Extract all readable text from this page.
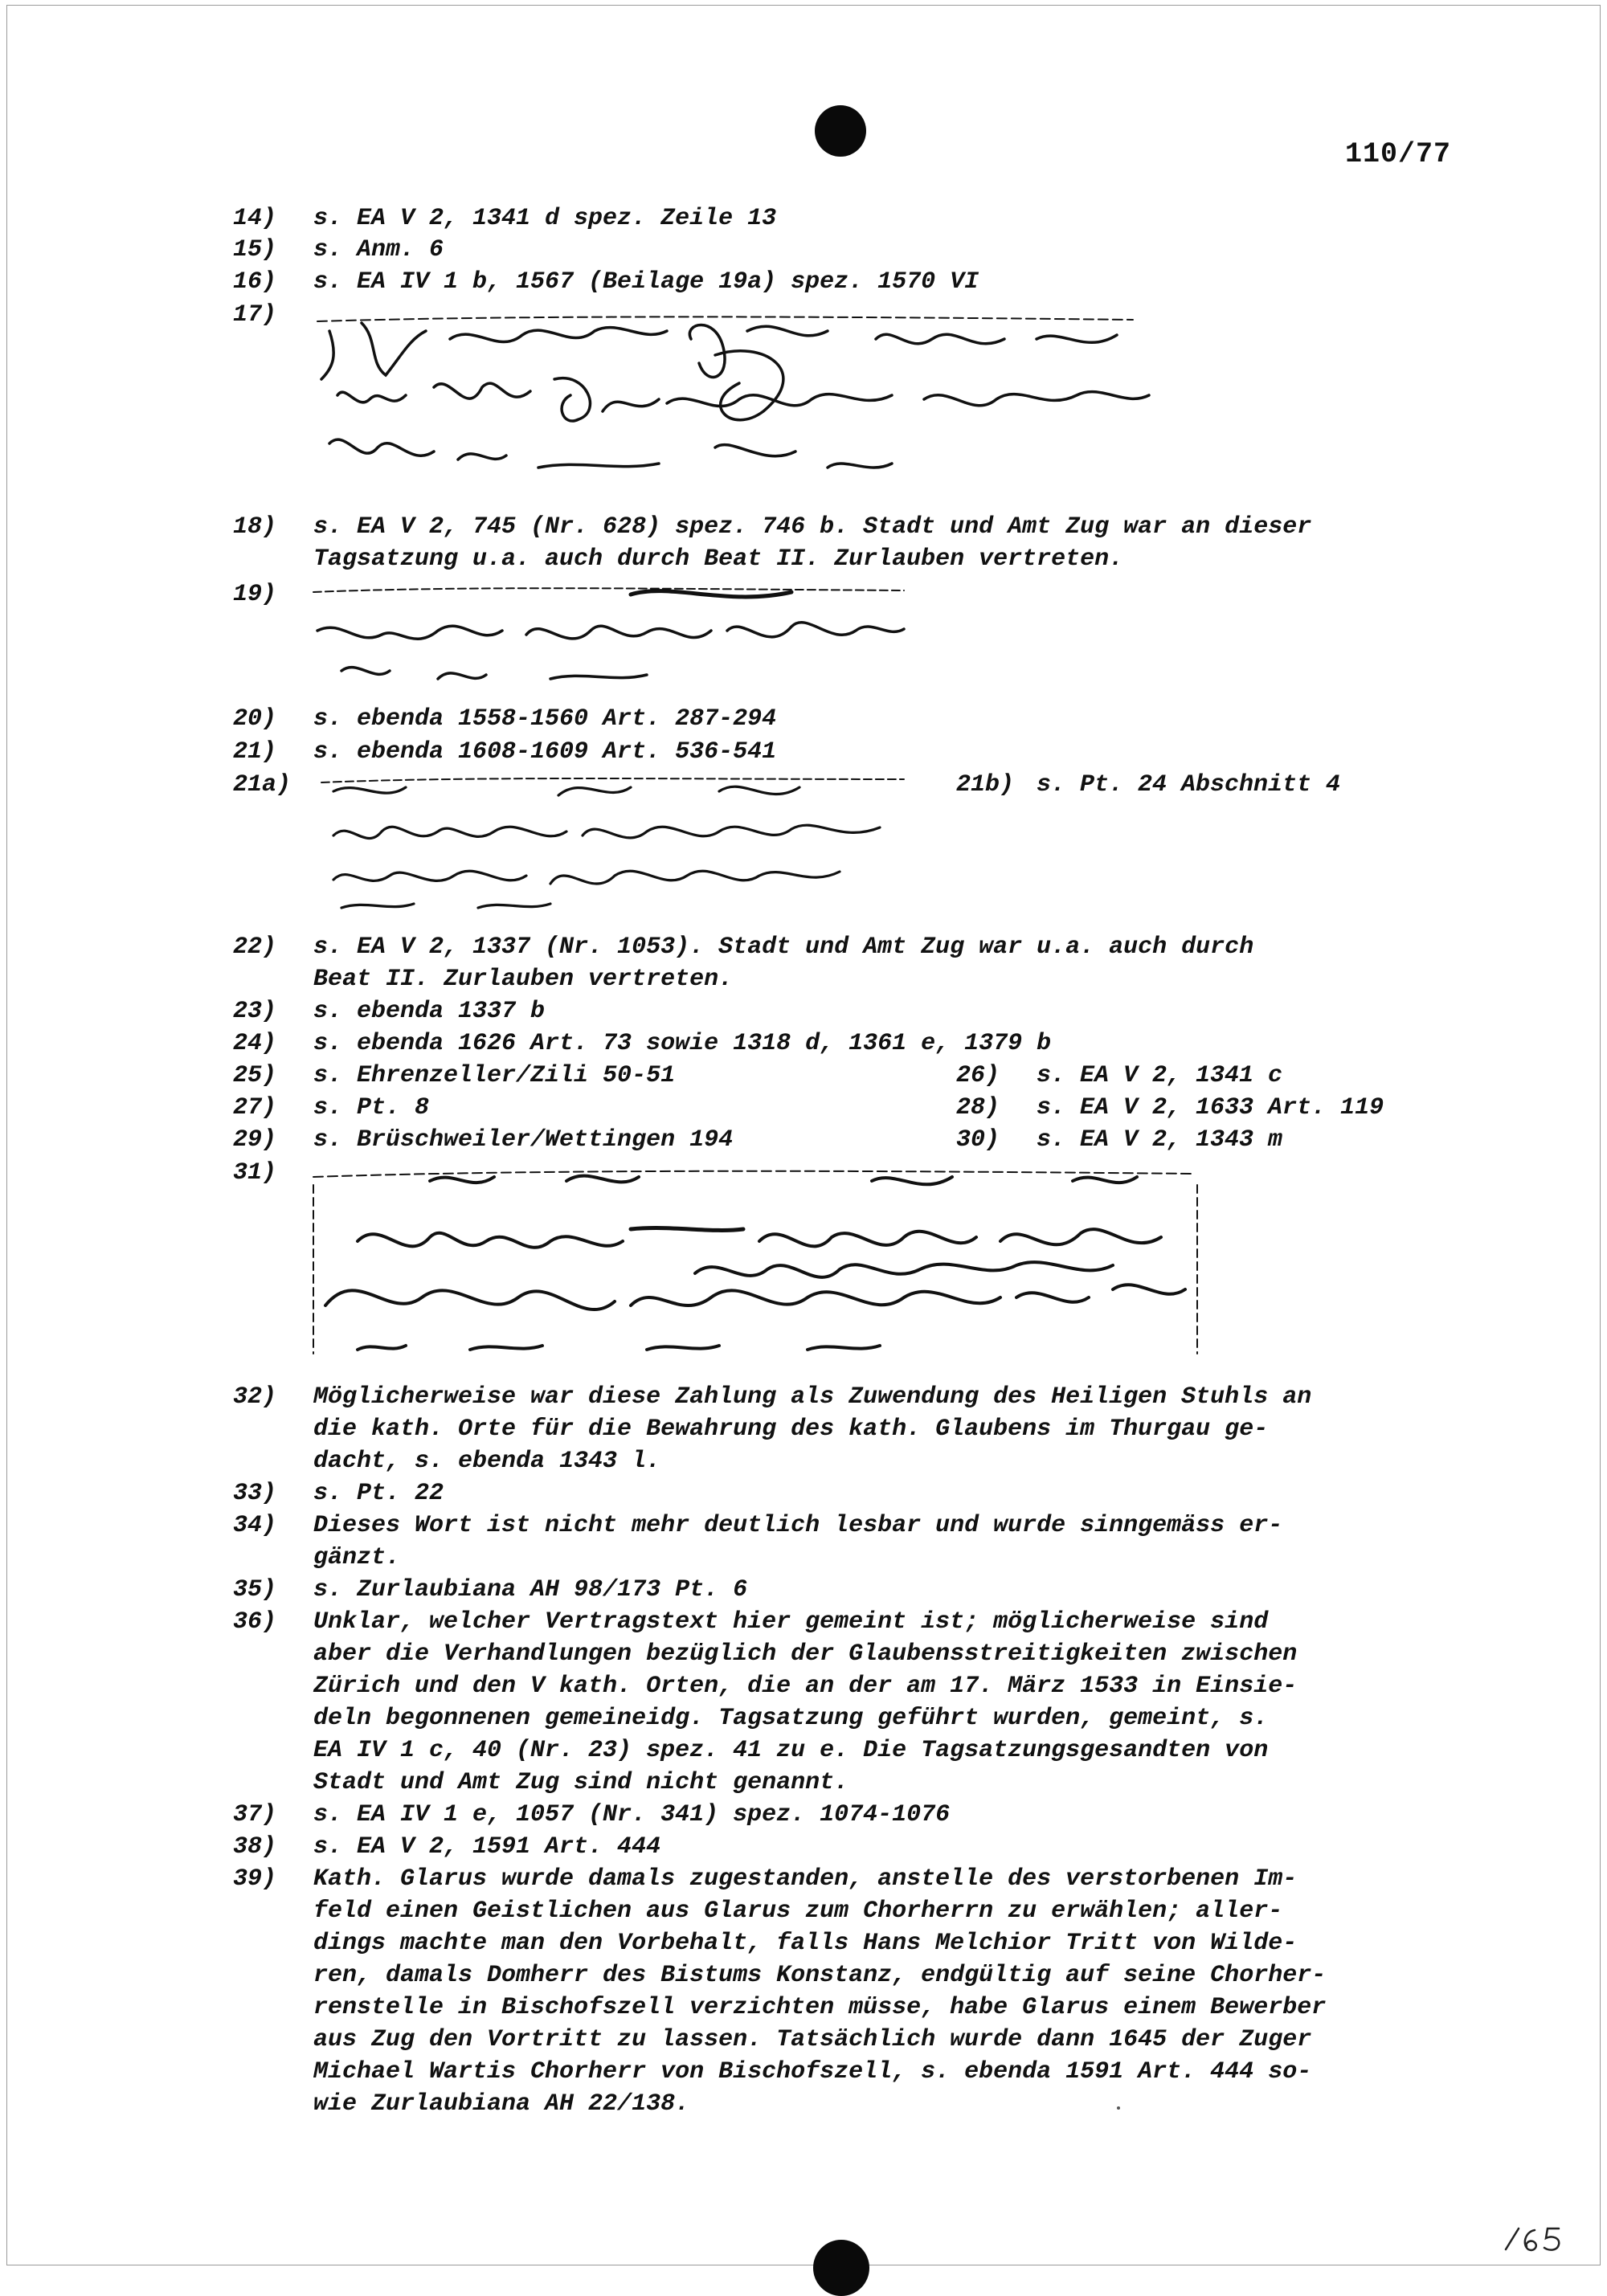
110/77
14) s. EA V 2, 1341 d spez. Zeile 13
15) s. Anm. 6
16) s. EA IV 1 b, 1567 (Beilage 19a) spez. 1570 VI
17)
18) s. EA V 2, 745 (Nr. 628) spez. 746 b. Stadt und Amt Zug war an dieser
Tagsatzung u.a. auch durch Beat II. Zurlauben vertreten.
19)
20) s. ebenda 1558-1560 Art. 287-294
21) s. ebenda 1608-1609 Art. 536-541
21a)	21b) s. Pt. 24 Abschnitt 4
22) s. EA V 2, 1337 (Nr. 1053). Stadt und Amt Zug war u.a. auch durch
Beat II. Zurlauben vertreten.
23) s. ebenda 1337 b
24) s. ebenda 1626 Art. 73 sowie 1318 d, 1361 e, 1379 b
25) s. Ehrenzeller/Zili 50-51	26) s. EA V 2, 1341 c
27) s. Pt. 8	28) s. EA V 2, 1633 Art. 119
29) s. Brüschweiler/Wettingen 194	30) s. EA V 2, 1343 m
31)
32) Möglicherweise war diese Zahlung als Zuwendung des Heiligen Stuhls an
die kath. Orte für die Bewahrung des kath. Glaubens im Thurgau ge-
dacht, s. ebenda 1343 l.
33) s. Pt. 22
34) Dieses Wort ist nicht mehr deutlich lesbar und wurde sinngemäss er-
gänzt.
35) s. Zurlaubiana AH 98/173 Pt. 6
36) Unklar, welcher Vertragstext hier gemeint ist; möglicherweise sind
aber die Verhandlungen bezüglich der Glaubensstreitigkeiten zwischen
Zürich und den V kath. Orten, die an der am 17. März 1533 in Einsie-
deln begonnenen gemeineidg. Tagsatzung geführt wurden, gemeint, s.
EA IV 1 c, 40 (Nr. 23) spez. 41 zu e. Die Tagsatzungsgesandten von
Stadt und Amt Zug sind nicht genannt.
37) s. EA IV 1 e, 1057 (Nr. 341) spez. 1074-1076
38) s. EA V 2, 1591 Art. 444
39) Kath. Glarus wurde damals zugestanden, anstelle des verstorbenen Im-
feld einen Geistlichen aus Glarus zum Chorherrn zu erwählen; aller-
dings machte man den Vorbehalt, falls Hans Melchior Tritt von Wilde-
ren, damals Domherr des Bistums Konstanz, endgültig auf seine Chorher-
renstelle in Bischofszell verzichten müsse, habe Glarus einem Bewerber
aus Zug den Vortritt zu lassen. Tatsächlich wurde dann 1645 der Zuger
Michael Wartis Chorherr von Bischofszell, s. ebenda 1591 Art. 444 so-
wie Zurlaubiana AH 22/138.
